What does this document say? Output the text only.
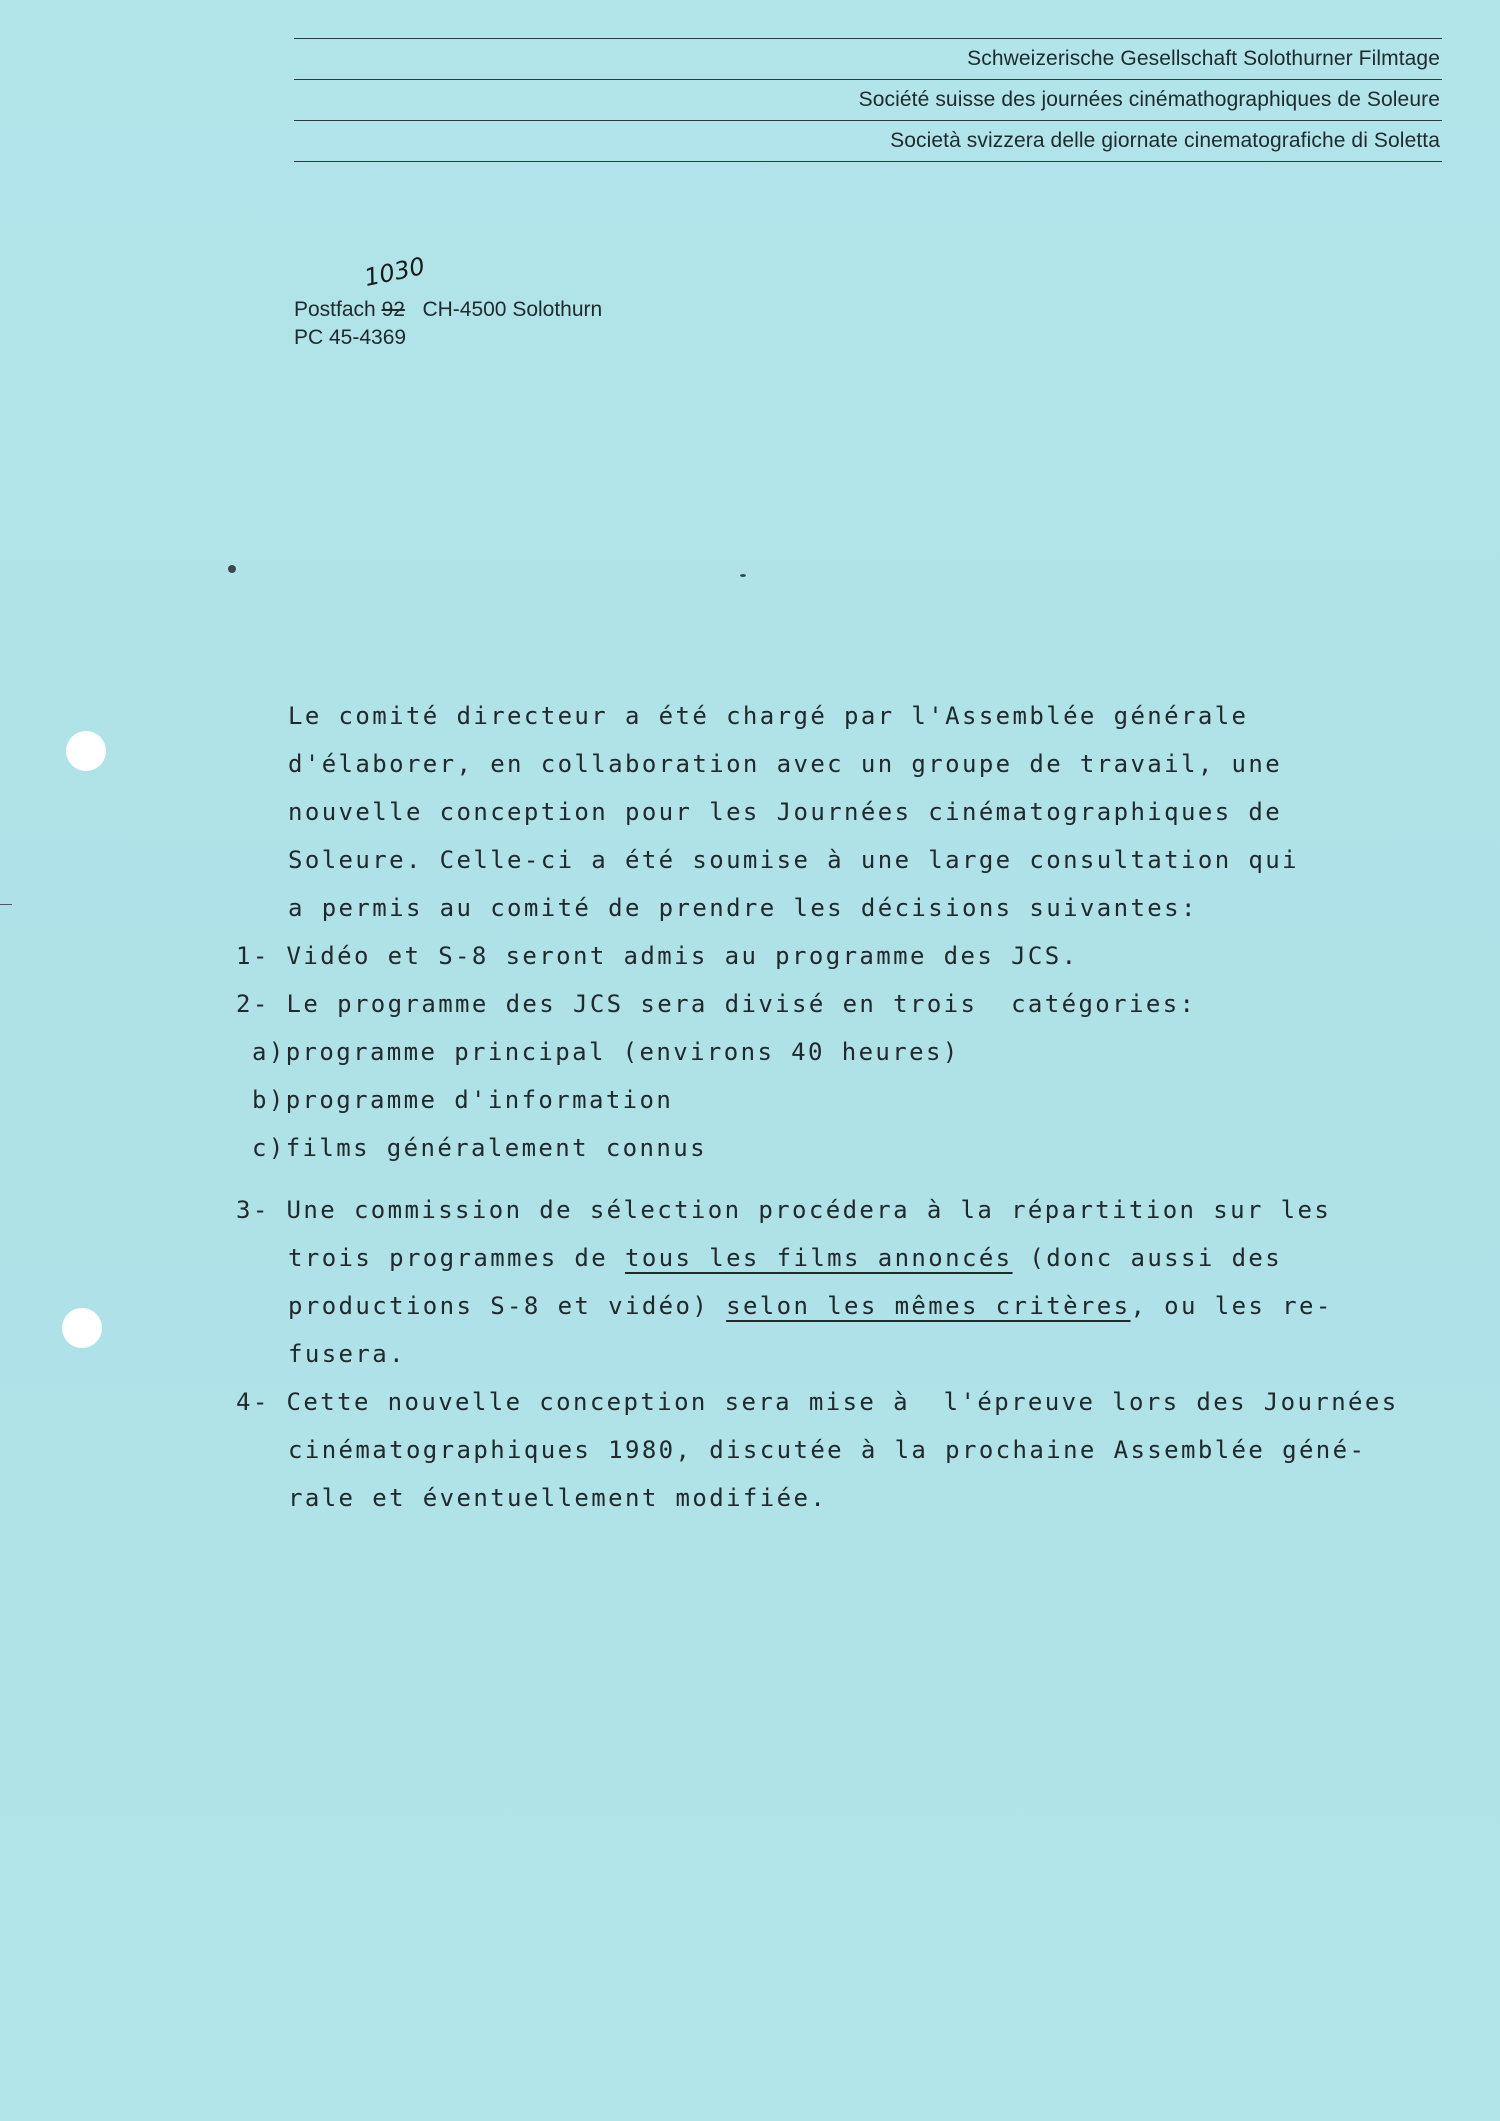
Schweizerische Gesellschaft Solothurner Filmtage
Société suisse des journées cinémathographiques de Soleure
Società svizzera delle giornate cinematografiche di Soletta
Postfach 92
1030
CH-4500 Solothurn
PC 45-4369
Le comité directeur a été chargé par l'Assemblée générale
d'élaborer, en collaboration avec un groupe de travail, une
nouvelle conception pour les Journées cinématographiques de
Soleure. Celle-ci a été soumise à une large consultation qui
a permis au comité de prendre les décisions suivantes:
1- Vidéo et S-8 seront admis au programme des JCS.
2- Le programme des JCS sera divisé en trois  catégories:
a)programme principal (environs 40 heures)
b)programme d'information
c)films généralement connus
3- Une commission de sélection procédera à la répartition sur les
trois programmes de tous les films annoncés (donc aussi des
productions S-8 et vidéo) selon les mêmes critères, ou les re-
fusera.
4- Cette nouvelle conception sera mise à  l'épreuve lors des Journées
cinématographiques 1980, discutée à la prochaine Assemblée géné-
rale et éventuellement modifiée.
